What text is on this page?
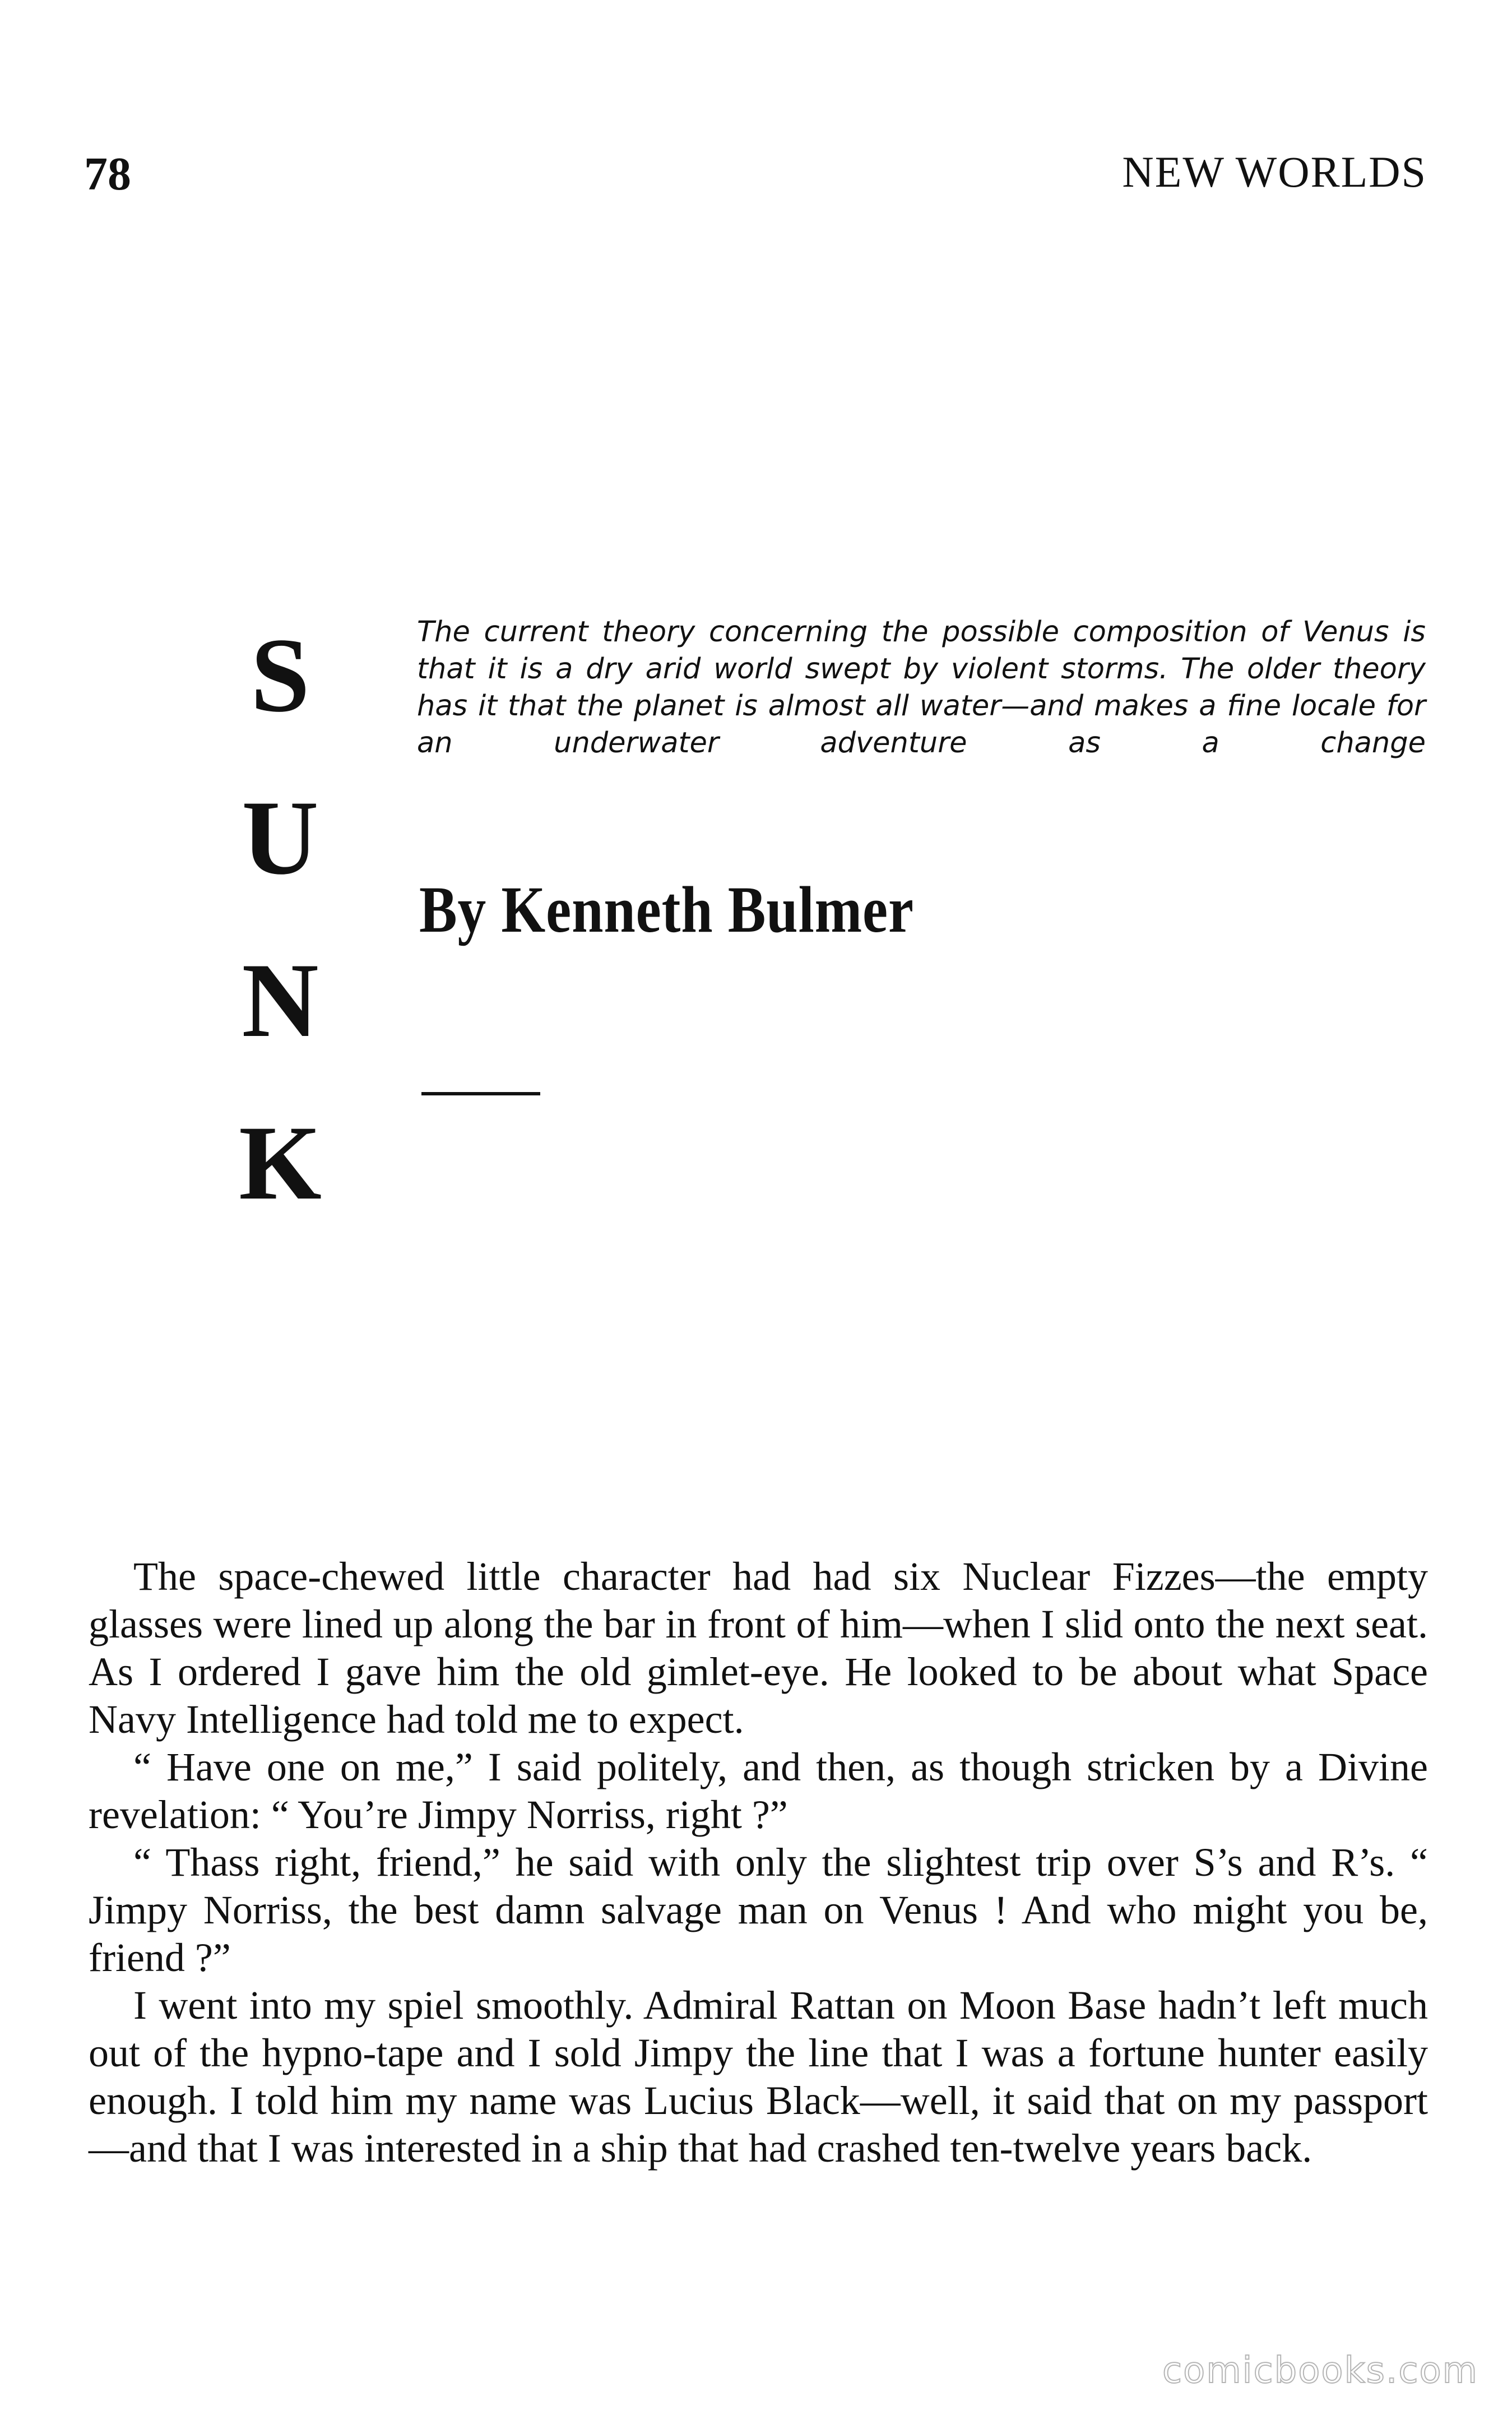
78	NEW WORLDS
S
U
N
K
The current theory concerning the possible composition of Venus is that it is a dry arid world swept by violent storms. The older theory has it that the planet is almost all water—and makes a fine locale for an underwater adventure as a change
By Kenneth Bulmer

The space-chewed little character had had six Nuclear Fizzes—the empty glasses were lined up along the bar in front of him—when I slid onto the next seat. As I ordered I gave him the old gimlet-eye. He looked to be about what Space Navy Intelligence had told me to expect.

“ Have one on me,” I said politely, and then, as though stricken by a Divine revelation: “ You’re Jimpy Norriss, right ?”

“ Thass right, friend,” he said with only the slightest trip over S’s and R’s. “ Jimpy Norriss, the best damn salvage man on Venus ! And who might you be, friend ?”

I went into my spiel smoothly. Admiral Rattan on Moon Base hadn’t left much out of the hypno-tape and I sold Jimpy the line that I was a fortune hunter easily enough. I told him my name was Lucius Black—well, it said that on my passport—and that I was interested in a ship that had crashed ten-twelve years back.

comicbooks.com
